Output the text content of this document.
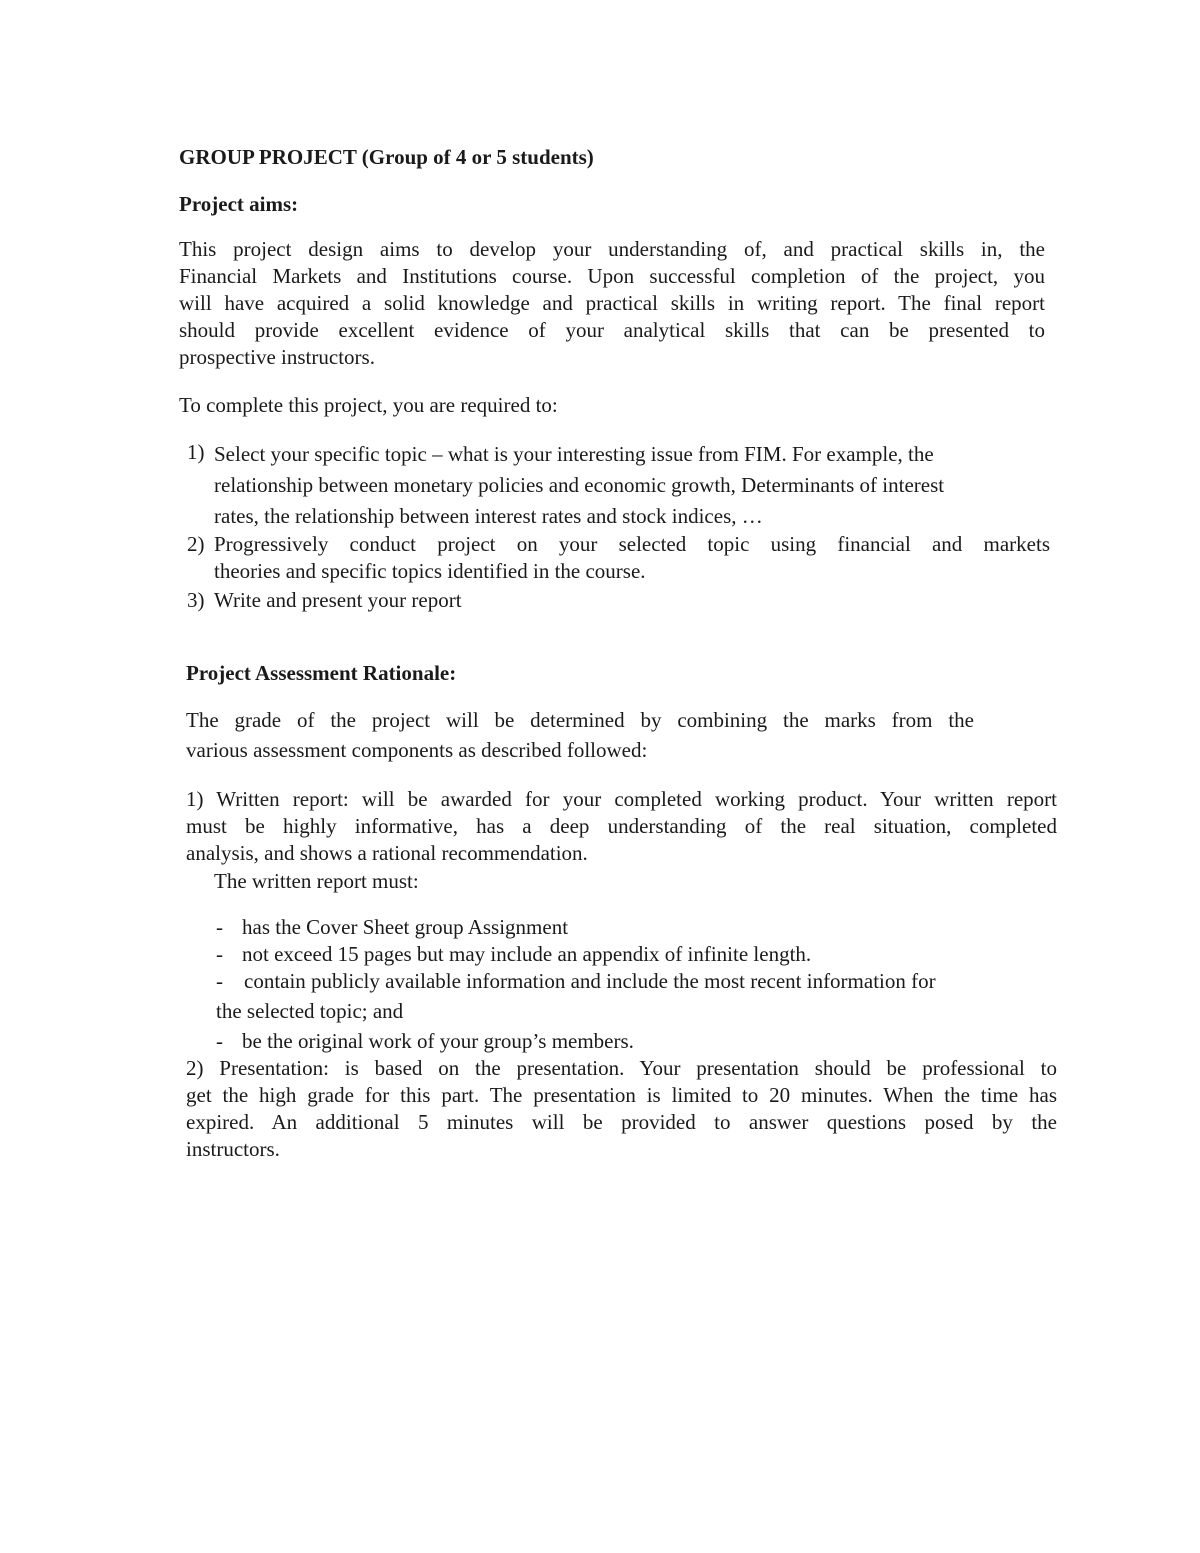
GROUP PROJECT (Group of 4 or 5 students)
Project aims:
This project design aims to develop your understanding of, and practical skills in, the
Financial Markets and Institutions course. Upon successful completion of the project, you
will have acquired a solid knowledge and practical skills in writing report. The final report
should provide excellent evidence of your analytical skills that can be presented to
prospective instructors.
To complete this project, you are required to:
1) Select your specific topic – what is your interesting issue from FIM. For example, the
relationship between monetary policies and economic growth, Determinants of interest
rates, the relationship between interest rates and stock indices, …
2) Progressively conduct project on your selected topic using financial and markets
theories and specific topics identified in the course.
3) Write and present your report
Project Assessment Rationale:
The grade of the project will be determined by combining the marks from the
various assessment components as described followed:
1) Written report: will be awarded for your completed working product. Your written report
must be highly informative, has a deep understanding of the real situation, completed
analysis, and shows a rational recommendation.
The written report must:
- has the Cover Sheet group Assignment
- not exceed 15 pages but may include an appendix of infinite length.
- contain publicly available information and include the most recent information for
the selected topic; and
- be the original work of your group’s members.
2) Presentation: is based on the presentation. Your presentation should be professional to
get the high grade for this part. The presentation is limited to 20 minutes. When the time has
expired. An additional 5 minutes will be provided to answer questions posed by the
instructors.
